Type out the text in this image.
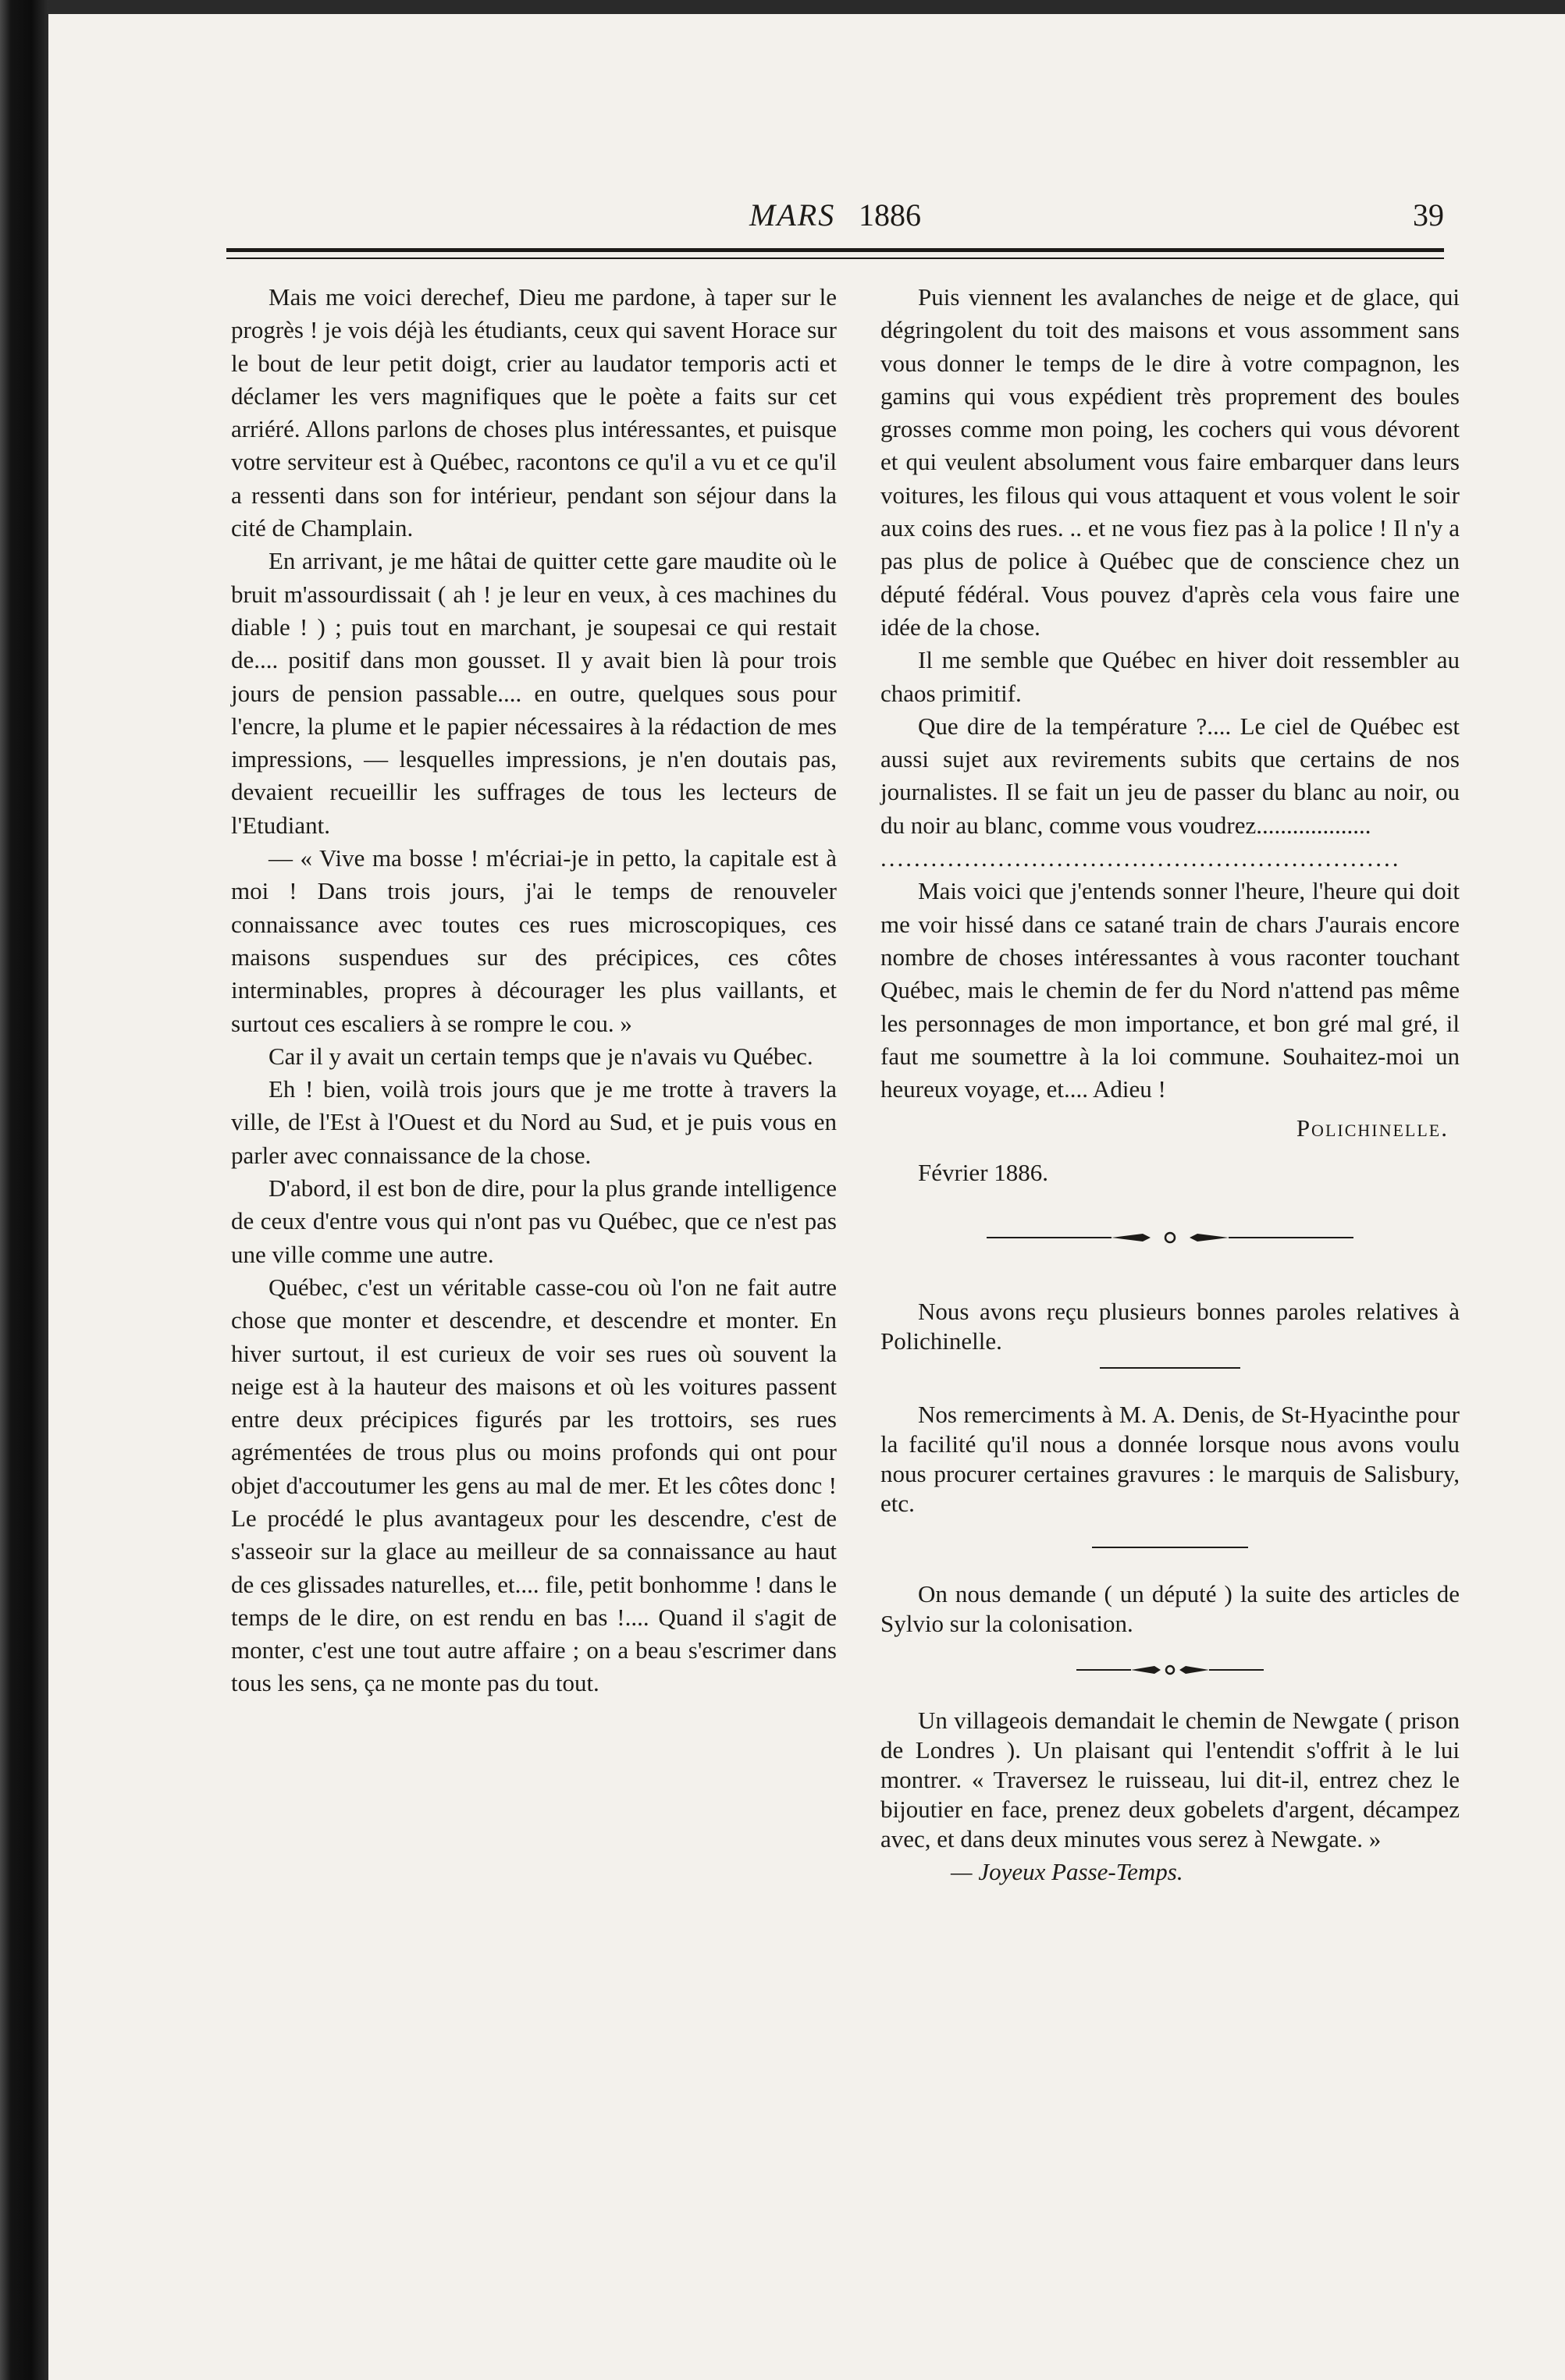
MARS 1886	39

Mais me voici derechef, Dieu me pardone, à taper sur le progrès ! je vois déjà les étudiants, ceux qui savent Horace sur le bout de leur petit doigt, crier au laudator temporis acti et déclamer les vers magnifiques que le poète a faits sur cet arriéré. Allons parlons de choses plus intéressantes, et puisque votre serviteur est à Québec, racontons ce qu'il a vu et ce qu'il a ressenti dans son for intérieur, pendant son séjour dans la cité de Champlain.

En arrivant, je me hâtai de quitter cette gare maudite où le bruit m'assourdissait ( ah ! je leur en veux, à ces machines du diable ! ) ; puis tout en marchant, je soupesai ce qui restait de.... positif dans mon gousset. Il y avait bien là pour trois jours de pension passable.... en outre, quelques sous pour l'encre, la plume et le papier nécessaires à la rédaction de mes impressions, — lesquelles impressions, je n'en doutais pas, devaient recueillir les suffrages de tous les lecteurs de l'Etudiant.

— « Vive ma bosse ! m'écriai-je in petto, la capitale est à moi ! Dans trois jours, j'ai le temps de renouveler connaissance avec toutes ces rues microscopiques, ces maisons suspendues sur des précipices, ces côtes interminables, propres à décourager les plus vaillants, et surtout ces escaliers à se rompre le cou. »

Car il y avait un certain temps que je n'avais vu Québec.

Eh ! bien, voilà trois jours que je me trotte à travers la ville, de l'Est à l'Ouest et du Nord au Sud, et je puis vous en parler avec connaissance de la chose.

D'abord, il est bon de dire, pour la plus grande intelligence de ceux d'entre vous qui n'ont pas vu Québec, que ce n'est pas une ville comme une autre.

Québec, c'est un véritable casse-cou où l'on ne fait autre chose que monter et descendre, et descendre et monter. En hiver surtout, il est curieux de voir ses rues où souvent la neige est à la hauteur des maisons et où les voitures passent entre deux précipices figurés par les trottoirs, ses rues agrémentées de trous plus ou moins profonds qui ont pour objet d'accoutumer les gens au mal de mer. Et les côtes donc ! Le procédé le plus avantageux pour les descendre, c'est de s'asseoir sur la glace au meilleur de sa connaissance au haut de ces glissades naturelles, et.... file, petit bonhomme ! dans le temps de le dire, on est rendu en bas !.... Quand il s'agit de monter, c'est une tout autre affaire ; on a beau s'escrimer dans tous les sens, ça ne monte pas du tout.

Puis viennent les avalanches de neige et de glace, qui dégringolent du toit des maisons et vous assomment sans vous donner le temps de le dire à votre compagnon, les gamins qui vous expédient très proprement des boules grosses comme mon poing, les cochers qui vous dévorent et qui veulent absolument vous faire embarquer dans leurs voitures, les filous qui vous attaquent et vous volent le soir aux coins des rues. .. et ne vous fiez pas à la police ! Il n'y a pas plus de police à Québec que de conscience chez un député fédéral. Vous pouvez d'après cela vous faire une idée de la chose.

Il me semble que Québec en hiver doit ressembler au chaos primitif.

Que dire de la température ?.... Le ciel de Québec est aussi sujet aux revirements subits que certains de nos journalistes. Il se fait un jeu de passer du blanc au noir, ou du noir au blanc, comme vous voudrez...................

..............................................................

Mais voici que j'entends sonner l'heure, l'heure qui doit me voir hissé dans ce satané train de chars J'aurais encore nombre de choses intéressantes à vous raconter touchant Québec, mais le chemin de fer du Nord n'attend pas même les personnages de mon importance, et bon gré mal gré, il faut me soumettre à la loi commune. Souhaitez-moi un heureux voyage, et.... Adieu !

Polichinelle.

Février 1886.

Nous avons reçu plusieurs bonnes paroles relatives à Polichinelle.

Nos remerciments à M. A. Denis, de St-Hyacinthe pour la facilité qu'il nous a donnée lorsque nous avons voulu nous procurer certaines gravures : le marquis de Salisbury, etc.

On nous demande ( un député ) la suite des articles de Sylvio sur la colonisation.

Un villageois demandait le chemin de Newgate ( prison de Londres ). Un plaisant qui l'entendit s'offrit à le lui montrer. « Traversez le ruisseau, lui dit-il, entrez chez le bijoutier en face, prenez deux gobelets d'argent, décampez avec, et dans deux minutes vous serez à Newgate. »

— Joyeux Passe-Temps.
